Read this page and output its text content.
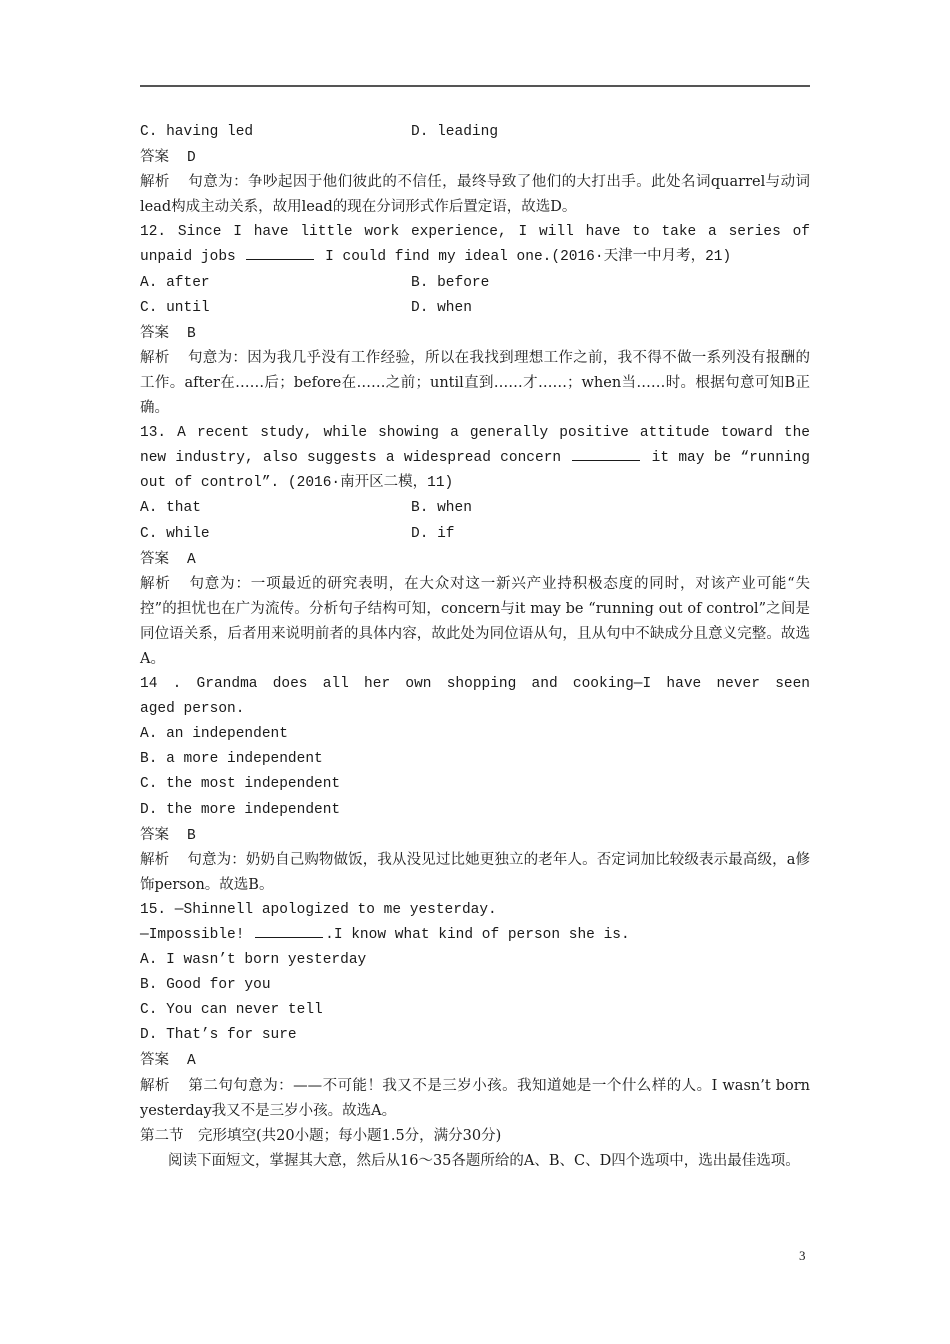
C. having led	D. leading
答案 D
解析 句意为：争吵起因于他们彼此的不信任，最终导致了他们的大打出手。此处名词quarrel与动词lead构成主动关系，故用lead的现在分词形式作后置定语，故选D。
12. Since I have little work experience, I will have to take a series of unpaid jobs	I could find my ideal one.(2016·天津一中月考，21)
A. after	B. before
C. until	D. when
答案 B
解析 句意为：因为我几乎没有工作经验，所以在我找到理想工作之前，我不得不做一系列没有报酬的工作。after在……后；before在……之前；until直到……才……；when当……时。根据句意可知B正确。
13. A recent study, while showing a generally positive attitude toward the new industry, also suggests a widespread concern	it may be “running out of control”. (2016·南开区二模，11)
A. that	B. when
C. while	D. if
答案 A
解析 句意为：一项最近的研究表明，在大众对这一新兴产业持积极态度的同时，对该产业可能“失控”的担忧也在广为流传。分析句子结构可知，concern与it may be “running out of control”之间是同位语关系，后者用来说明前者的具体内容，故此处为同位语从句，且从句中不缺成分且意义完整。故选A。
14 . Grandma does all her own shopping and cooking—I have never seen
aged person.
A. an independent
B. a more independent
C. the most independent
D. the more independent
答案 B
解析 句意为：奶奶自己购物做饭，我从没见过比她更独立的老年人。否定词加比较级表示最高级，a修饰person。故选B。
15. —Shinnell apologized to me yesterday.
—Impossible!	.I know what kind of person she is.
A. I wasn’t born yesterday
B. Good for you
C. You can never tell
D. That’s for sure
答案 A
解析 第二句句意为：——不可能！我又不是三岁小孩。我知道她是一个什么样的人。I wasn’t born yesterday我又不是三岁小孩。故选A。
第二节　完形填空(共20小题；每小题1.5分，满分30分)
阅读下面短文，掌握其大意，然后从16～35各题所给的A、B、C、D四个选项中，选出最佳选项。
3
